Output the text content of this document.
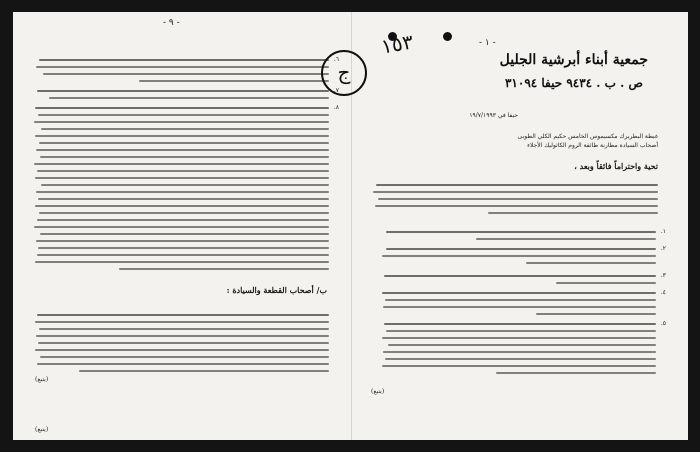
- ٩ -
٦.
٧.
٨.
ب/ أصحاب القطعة والسيادة :
(يتبع)
(يتبع)
- ١ -
١٥٣
ج	جمعية أبناء أبرشية الجليل
ص . ب . ٩٤٣٤ حيفا ٣١٠٩٤
حيفا في ١٩/٧/١٩٩٣
غبطة البطريرك مكسيموس الخامس حكيم الكلي الطوبى
أصحاب السيادة مطارنة طائفة الروم الكاثوليك الأجلاء
تحية واحتراماً فائقاً وبعد ،
١.
٢.
٣.
٤.
٥.
(يتبع)
